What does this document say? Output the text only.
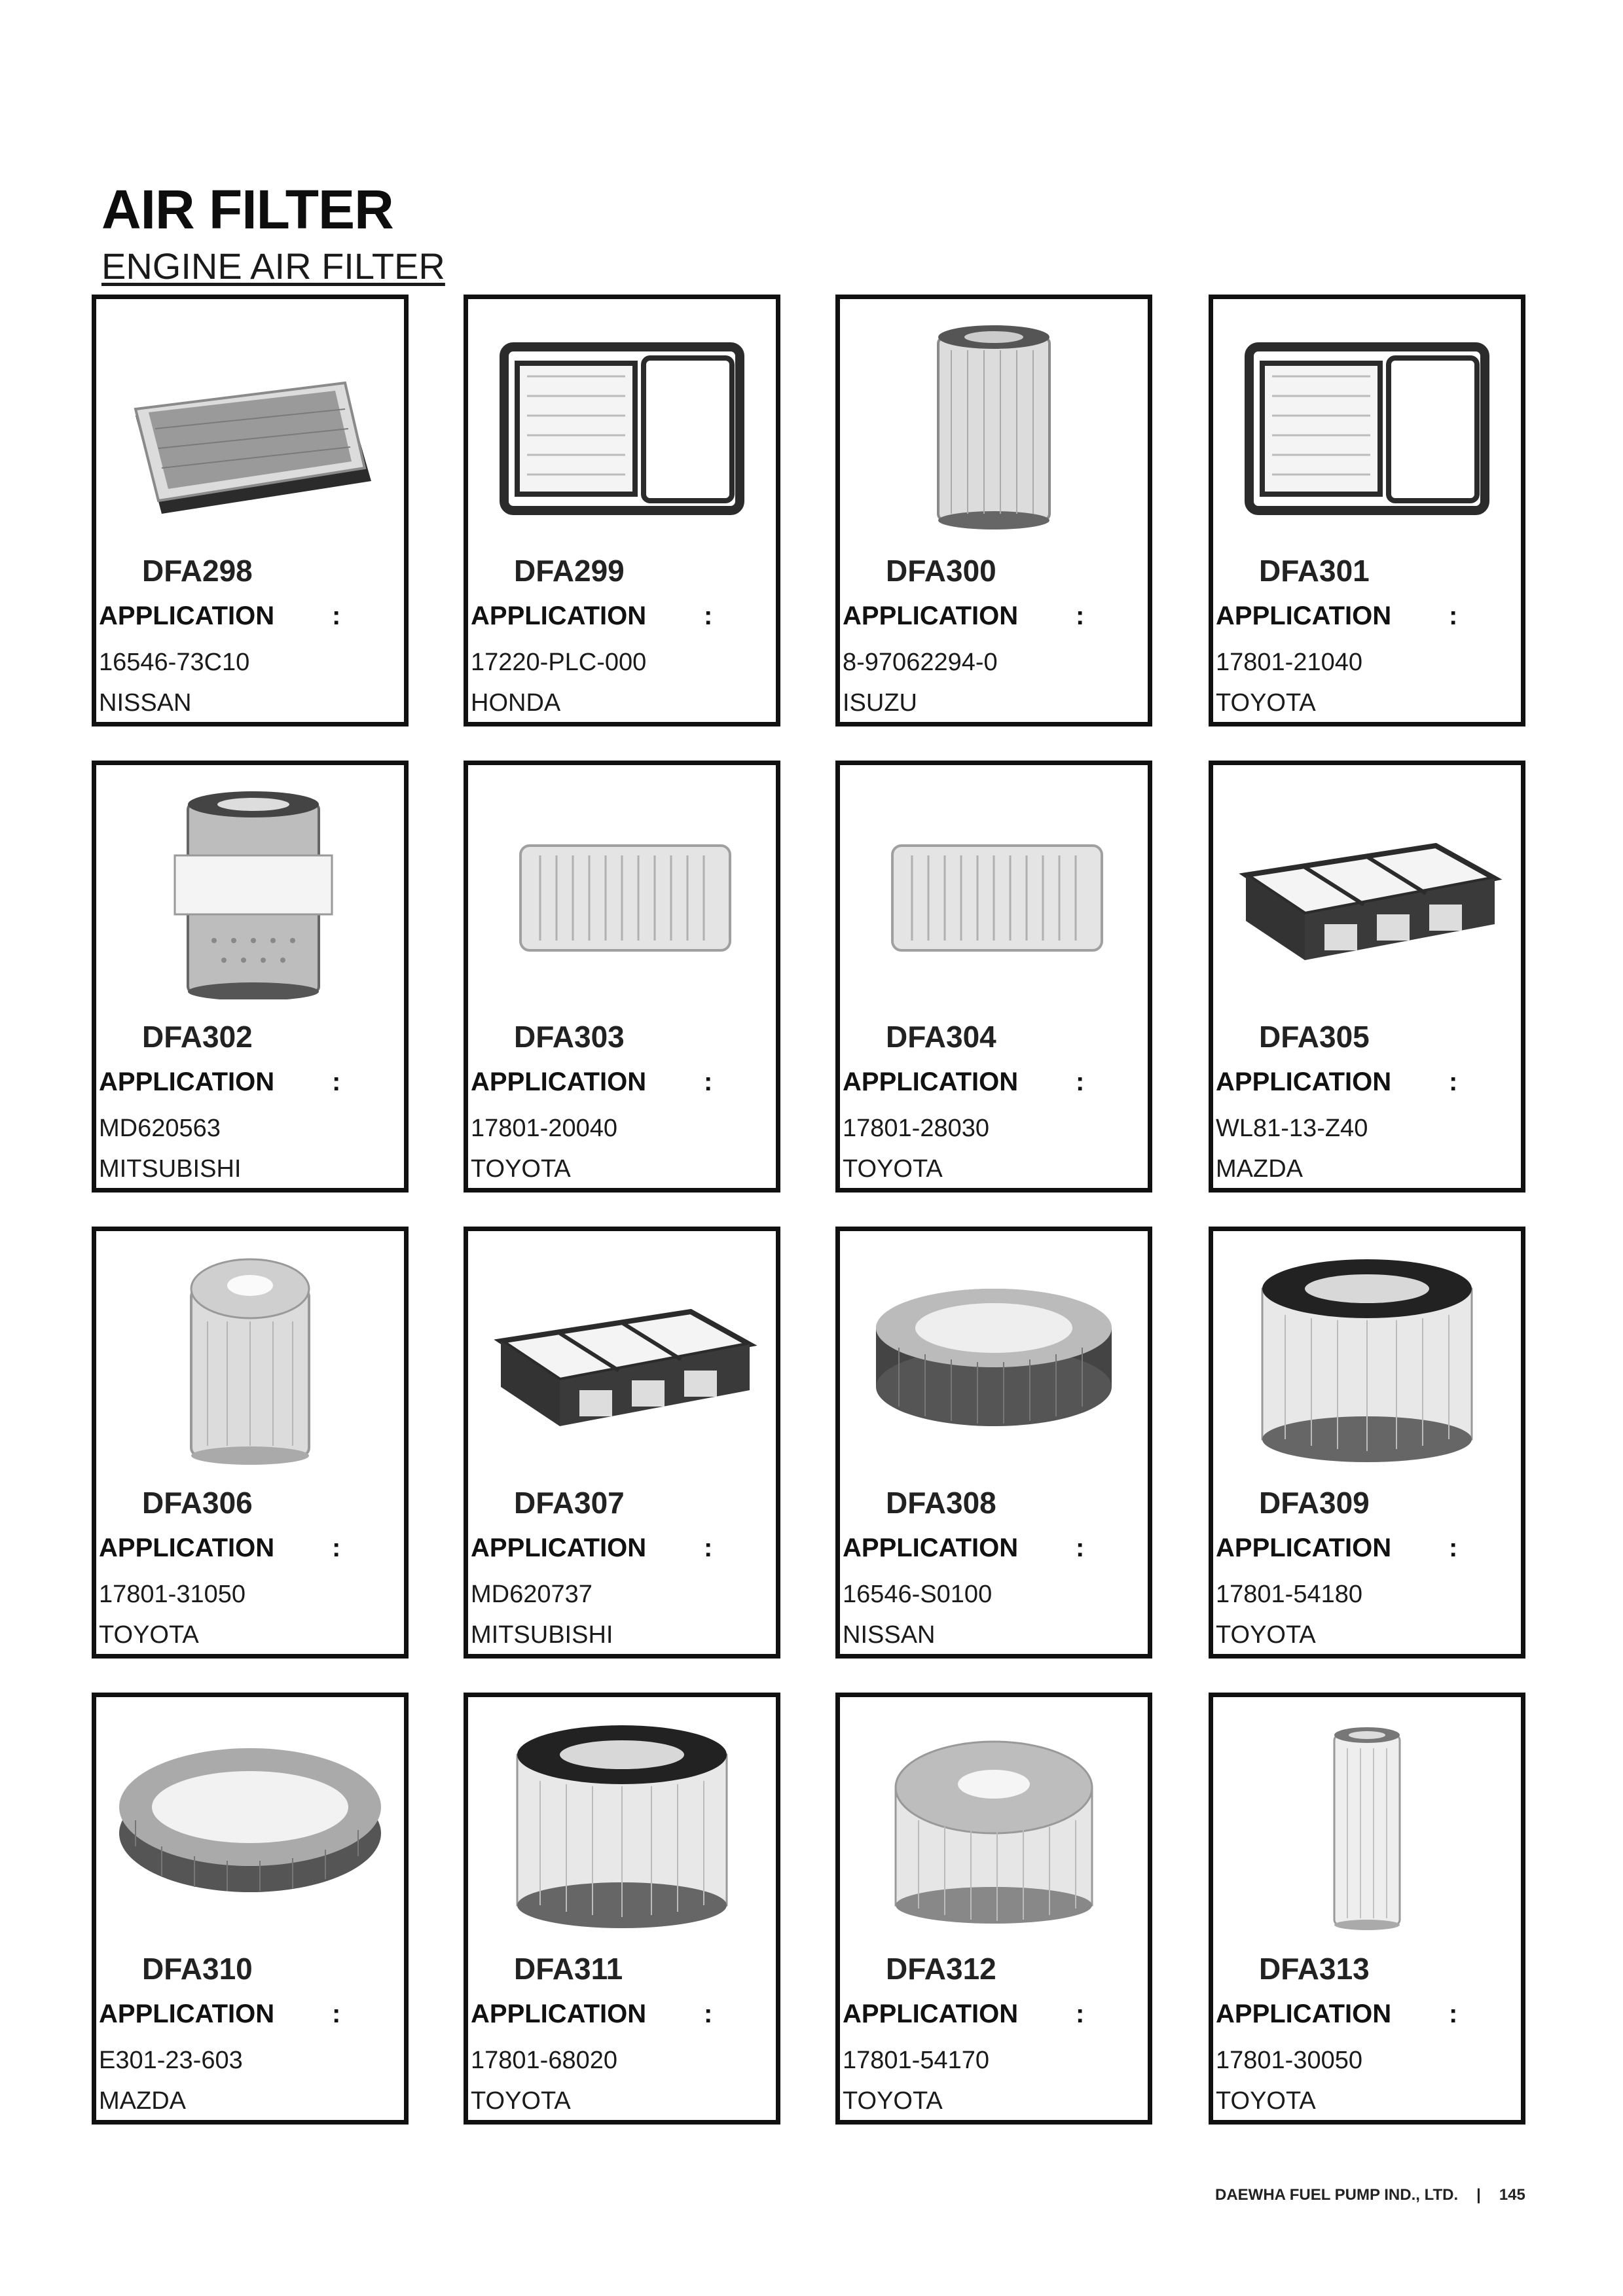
AIR FILTER
ENGINE AIR FILTER
DFA298
APPLICATION :
16546-73C10
NISSAN
DFA299
APPLICATION :
17220-PLC-000
HONDA
DFA300
APPLICATION :
8-97062294-0
ISUZU
DFA301
APPLICATION :
17801-21040
TOYOTA
DFA302
APPLICATION :
MD620563
MITSUBISHI
DFA303
APPLICATION :
17801-20040
TOYOTA
DFA304
APPLICATION :
17801-28030
TOYOTA
DFA305
APPLICATION :
WL81-13-Z40
MAZDA
DFA306
APPLICATION :
17801-31050
TOYOTA
DFA307
APPLICATION :
MD620737
MITSUBISHI
DFA308
APPLICATION :
16546-S0100
NISSAN
DFA309
APPLICATION :
17801-54180
TOYOTA
DFA310
APPLICATION :
E301-23-603
MAZDA
DFA311
APPLICATION :
17801-68020
TOYOTA
DFA312
APPLICATION :
17801-54170
TOYOTA
DFA313
APPLICATION :
17801-30050
TOYOTA
DAEWHA FUEL PUMP IND., LTD. | 145
